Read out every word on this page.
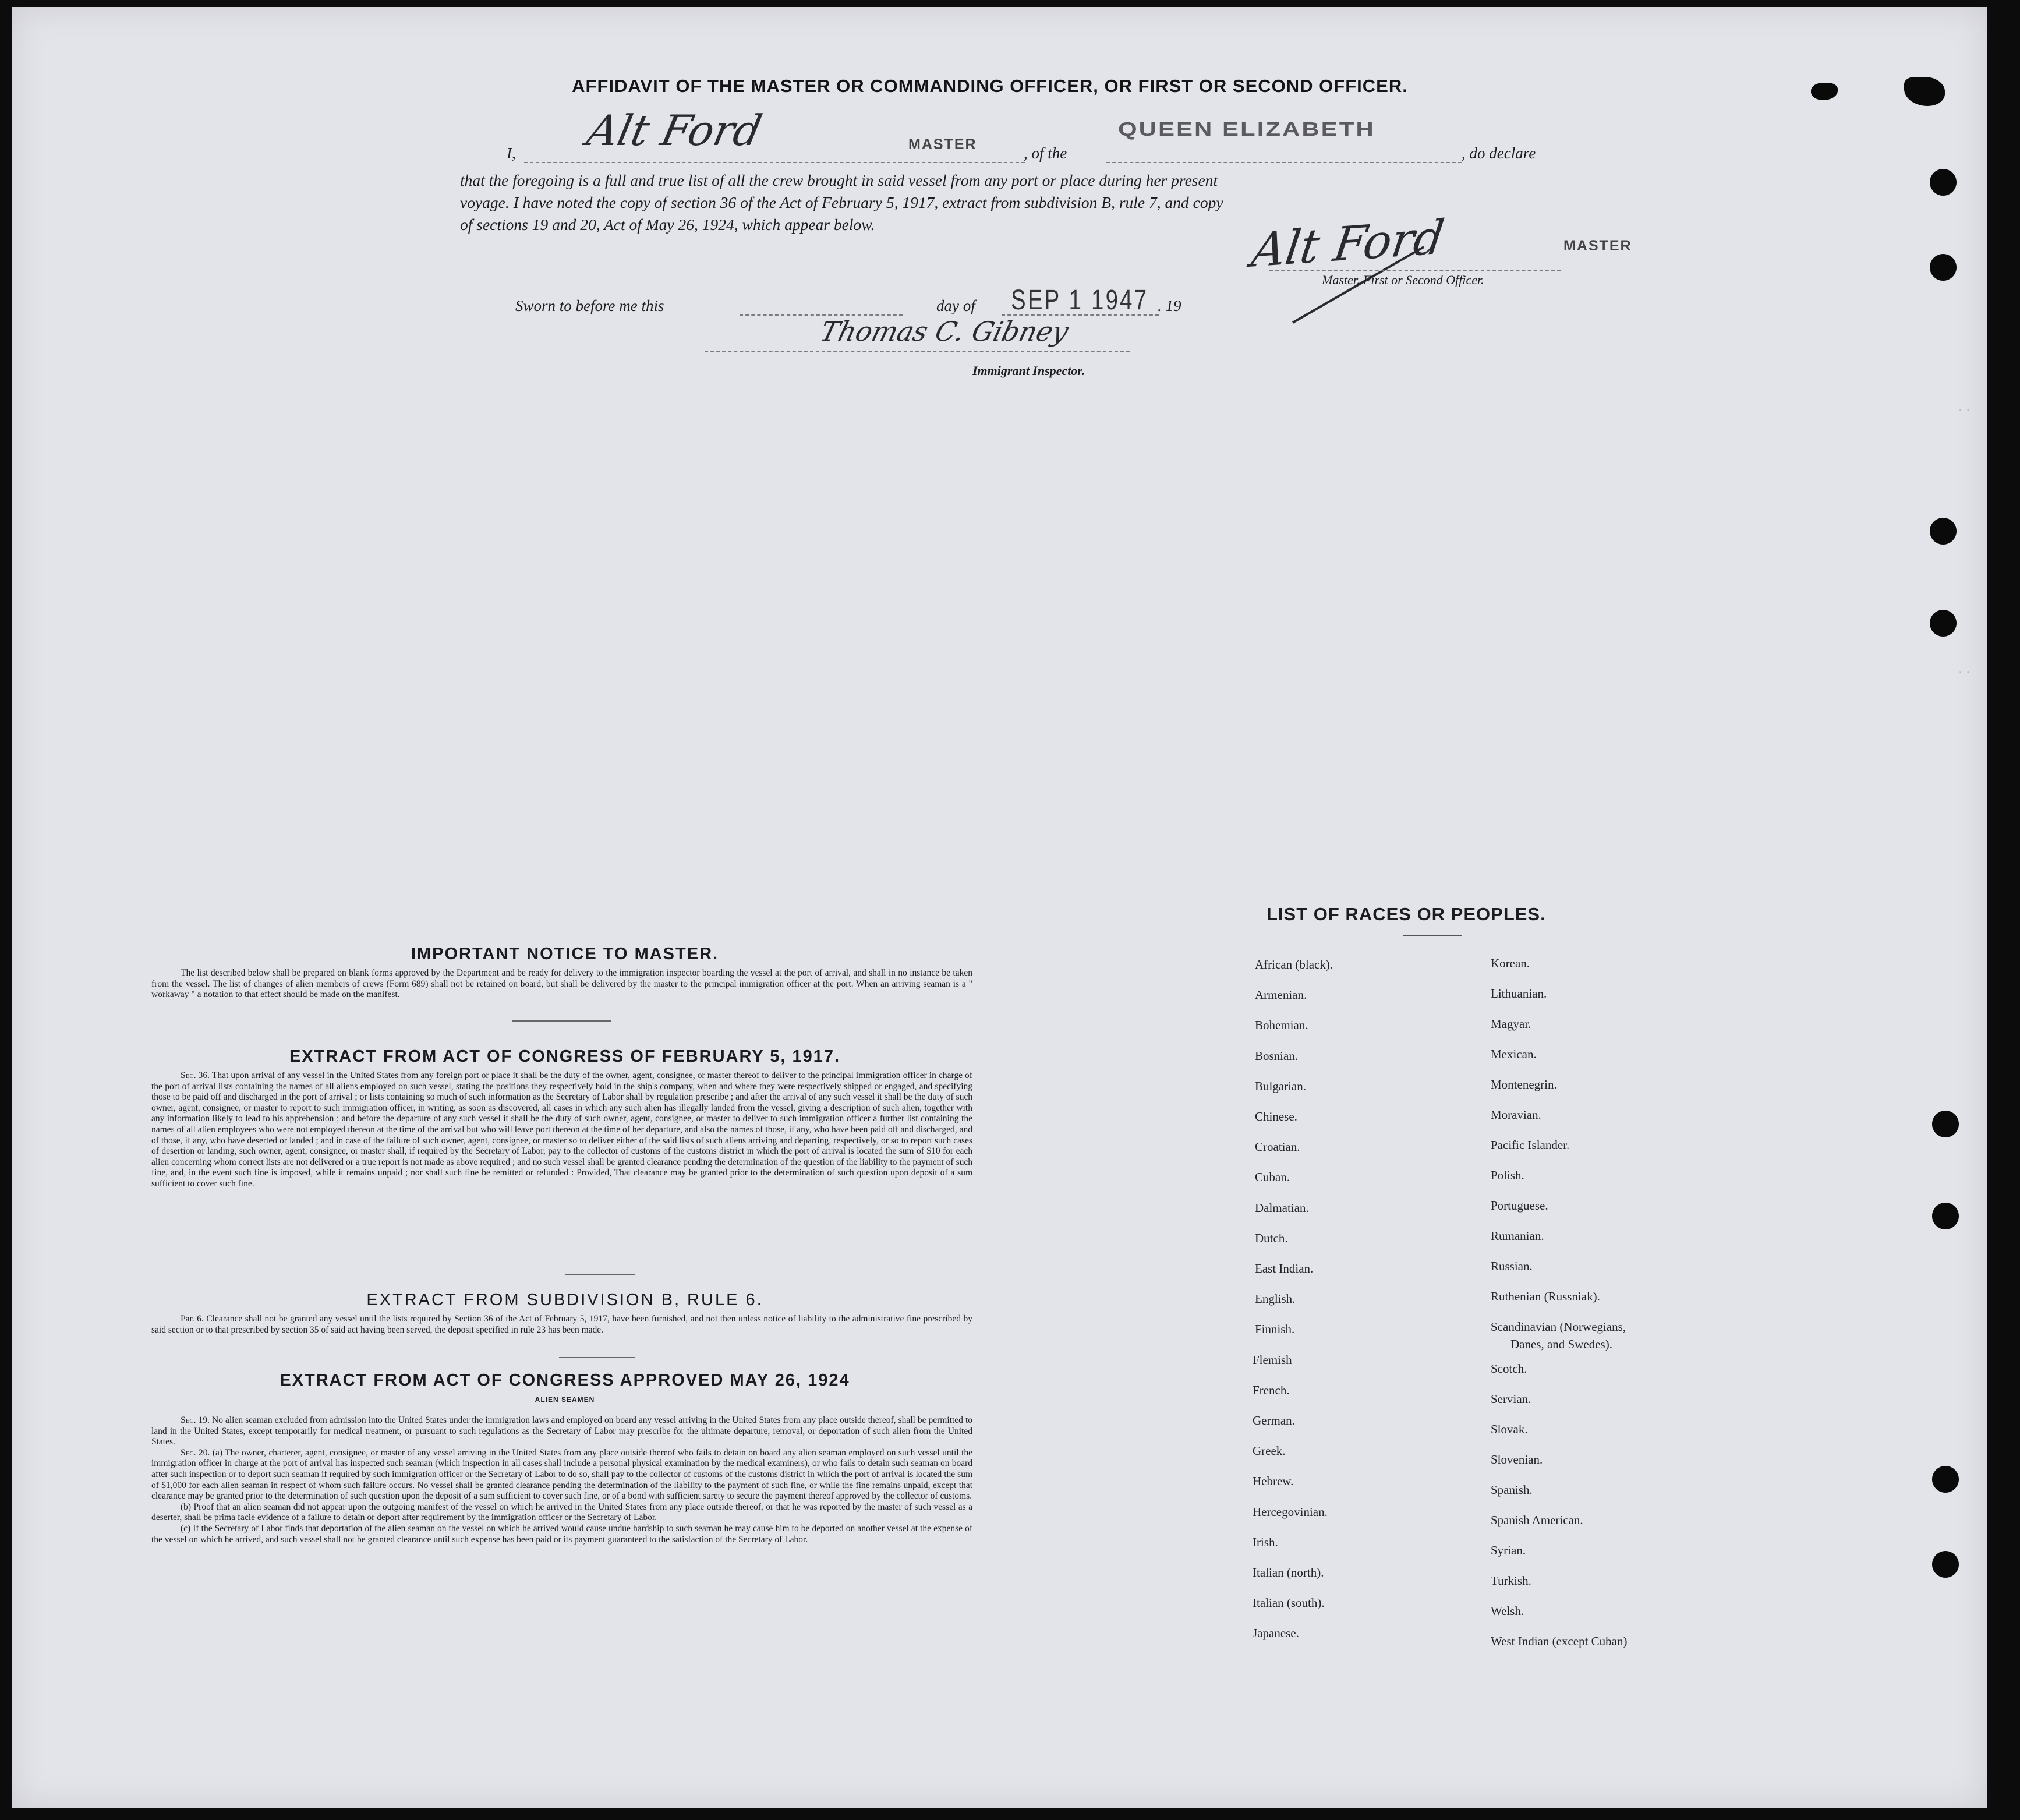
··
··
AFFIDAVIT OF THE MASTER OR COMMANDING OFFICER, OR FIRST OR SECOND OFFICER.
I, Alt Ford	MASTER	, of the
QUEEN ELIZABETH
, do declare
that the foregoing is a full and true list of all the crew brought in said vessel from any port or place during her present
voyage. I have noted the copy of section 36 of the Act of February 5, 1917, extract from subdivision B, rule 7, and copy
of sections 19 and 20, Act of May 26, 1924, which appear below.	Alt Ford	MASTER
Master, First or Second Officer.
Sworn to before me this	day of SEP 1 1947 . 19
Thomas C. Gibney
Immigrant Inspector.
IMPORTANT NOTICE TO MASTER.
The list described below shall be prepared on blank forms approved by the Department and be ready for delivery to the immigration inspector boarding the vessel at the port of arrival, and shall in no instance be taken from the vessel. The list of changes of alien members of crews (Form 689) shall not be retained on board, but shall be delivered by the master to the principal immigration officer at the port. When an arriving seaman is a " workaway " a notation to that effect should be made on the manifest.
EXTRACT FROM ACT OF CONGRESS OF FEBRUARY 5, 1917.
Sec. 36. That upon arrival of any vessel in the United States from any foreign port or place it shall be the duty of the owner, agent, consignee, or master thereof to deliver to the principal immigration officer in charge of the port of arrival lists containing the names of all aliens employed on such vessel, stating the positions they respectively hold in the ship's company, when and where they were respectively shipped or engaged, and specifying those to be paid off and discharged in the port of arrival ; or lists containing so much of such information as the Secretary of Labor shall by regulation prescribe ; and after the arrival of any such vessel it shall be the duty of such owner, agent, consignee, or master to report to such immigration officer, in writing, as soon as discovered, all cases in which any such alien has illegally landed from the vessel, giving a description of such alien, together with any information likely to lead to his apprehension ; and before the departure of any such vessel it shall be the duty of such owner, agent, consignee, or master to deliver to such immigration officer a further list containing the names of all alien employees who were not employed thereon at the time of the arrival but who will leave port thereon at the time of her departure, and also the names of those, if any, who have been paid off and discharged, and of those, if any, who have deserted or landed ; and in case of the failure of such owner, agent, consignee, or master so to deliver either of the said lists of such aliens arriving and departing, respectively, or so to report such cases of desertion or landing, such owner, agent, consignee, or master shall, if required by the Secretary of Labor, pay to the collector of customs of the customs district in which the port of arrival is located the sum of $10 for each alien concerning whom correct lists are not delivered or a true report is not made as above required ; and no such vessel shall be granted clearance pending the determination of the question of the liability to the payment of such fine, and, in the event such fine is imposed, while it remains unpaid ; nor shall such fine be remitted or refunded : Provided, That clearance may be granted prior to the determination of such question upon deposit of a sum sufficient to cover such fine.
EXTRACT FROM SUBDIVISION B, RULE 6.
Par. 6. Clearance shall not be granted any vessel until the lists required by Section 36 of the Act of February 5, 1917, have been furnished, and not then unless notice of liability to the administrative fine prescribed by said section or to that prescribed by section 35 of said act having been served, the deposit specified in rule 23 has been made.
EXTRACT FROM ACT OF CONGRESS APPROVED MAY 26, 1924
ALIEN SEAMEN
Sec. 19. No alien seaman excluded from admission into the United States under the immigration laws and employed on board any vessel arriving in the United States from any place outside thereof, shall be permitted to land in the United States, except temporarily for medical treatment, or pursuant to such regulations as the Secretary of Labor may prescribe for the ultimate departure, removal, or deportation of such alien from the United States.
Sec. 20. (a) The owner, charterer, agent, consignee, or master of any vessel arriving in the United States from any place outside thereof who fails to detain on board any alien seaman employed on such vessel until the immigration officer in charge at the port of arrival has inspected such seaman (which inspection in all cases shall include a personal physical examination by the medical examiners), or who fails to detain such seaman on board after such inspection or to deport such seaman if required by such immigration officer or the Secretary of Labor to do so, shall pay to the collector of customs of the customs district in which the port of arrival is located the sum of $1,000 for each alien seaman in respect of whom such failure occurs. No vessel shall be granted clearance pending the determination of the liability to the payment of such fine, or while the fine remains unpaid, except that clearance may be granted prior to the determination of such question upon the deposit of a sum sufficient to cover such fine, or of a bond with sufficient surety to secure the payment thereof approved by the collector of customs.
(b) Proof that an alien seaman did not appear upon the outgoing manifest of the vessel on which he arrived in the United States from any place outside thereof, or that he was reported by the master of such vessel as a deserter, shall be prima facie evidence of a failure to detain or deport after requirement by the immigration officer or the Secretary of Labor.
(c) If the Secretary of Labor finds that deportation of the alien seaman on the vessel on which he arrived would cause undue hardship to such seaman he may cause him to be deported on another vessel at the expense of the vessel on which he arrived, and such vessel shall not be granted clearance until such expense has been paid or its payment guaranteed to the satisfaction of the Secretary of Labor.
LIST OF RACES OR PEOPLES.
Danes, and Swedes).
African (black).
Armenian.
Bohemian.
Bosnian.
Bulgarian.
Chinese.
Croatian.
Cuban.
Dalmatian.
Dutch.
East Indian.
English.
Finnish.
Flemish
French.
German.
Greek.
Hebrew.
Hercegovinian.
Irish.
Italian (north).
Italian (south).
Japanese.
Korean.
Lithuanian.
Magyar.
Mexican.
Montenegrin.
Moravian.
Pacific Islander.
Polish.
Portuguese.
Rumanian.
Russian.
Ruthenian (Russniak).
Scandinavian (Norwegians,
Scotch.
Servian.
Slovak.
Slovenian.
Spanish.
Spanish American.
Syrian.
Turkish.
Welsh.
West Indian (except Cuban)
